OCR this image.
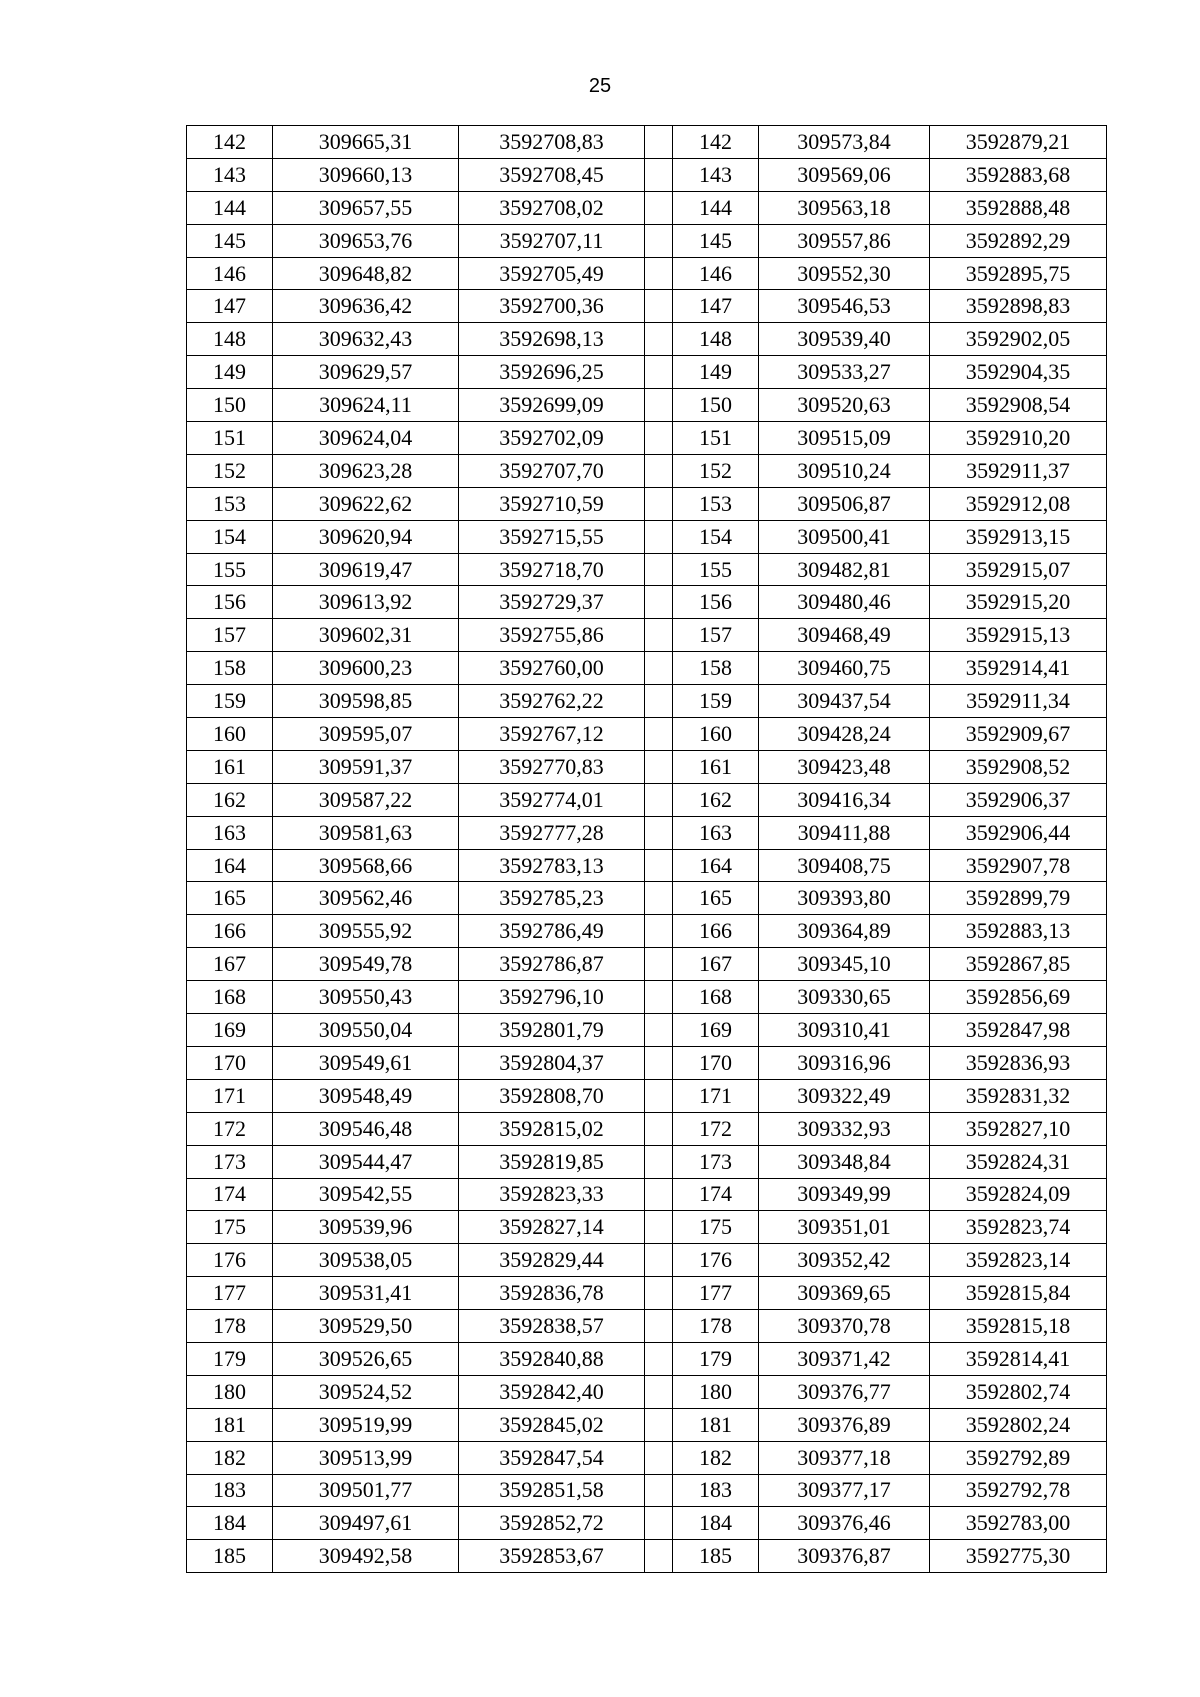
25
142	309665,31	3592708,83		142	309573,84	3592879,21
143	309660,13	3592708,45		143	309569,06	3592883,68
144	309657,55	3592708,02		144	309563,18	3592888,48
145	309653,76	3592707,11		145	309557,86	3592892,29
146	309648,82	3592705,49		146	309552,30	3592895,75
147	309636,42	3592700,36		147	309546,53	3592898,83
148	309632,43	3592698,13		148	309539,40	3592902,05
149	309629,57	3592696,25		149	309533,27	3592904,35
150	309624,11	3592699,09		150	309520,63	3592908,54
151	309624,04	3592702,09		151	309515,09	3592910,20
152	309623,28	3592707,70		152	309510,24	3592911,37
153	309622,62	3592710,59		153	309506,87	3592912,08
154	309620,94	3592715,55		154	309500,41	3592913,15
155	309619,47	3592718,70		155	309482,81	3592915,07
156	309613,92	3592729,37		156	309480,46	3592915,20
157	309602,31	3592755,86		157	309468,49	3592915,13
158	309600,23	3592760,00		158	309460,75	3592914,41
159	309598,85	3592762,22		159	309437,54	3592911,34
160	309595,07	3592767,12		160	309428,24	3592909,67
161	309591,37	3592770,83		161	309423,48	3592908,52
162	309587,22	3592774,01		162	309416,34	3592906,37
163	309581,63	3592777,28		163	309411,88	3592906,44
164	309568,66	3592783,13		164	309408,75	3592907,78
165	309562,46	3592785,23		165	309393,80	3592899,79
166	309555,92	3592786,49		166	309364,89	3592883,13
167	309549,78	3592786,87		167	309345,10	3592867,85
168	309550,43	3592796,10		168	309330,65	3592856,69
169	309550,04	3592801,79		169	309310,41	3592847,98
170	309549,61	3592804,37		170	309316,96	3592836,93
171	309548,49	3592808,70		171	309322,49	3592831,32
172	309546,48	3592815,02		172	309332,93	3592827,10
173	309544,47	3592819,85		173	309348,84	3592824,31
174	309542,55	3592823,33		174	309349,99	3592824,09
175	309539,96	3592827,14		175	309351,01	3592823,74
176	309538,05	3592829,44		176	309352,42	3592823,14
177	309531,41	3592836,78		177	309369,65	3592815,84
178	309529,50	3592838,57		178	309370,78	3592815,18
179	309526,65	3592840,88		179	309371,42	3592814,41
180	309524,52	3592842,40		180	309376,77	3592802,74
181	309519,99	3592845,02		181	309376,89	3592802,24
182	309513,99	3592847,54		182	309377,18	3592792,89
183	309501,77	3592851,58		183	309377,17	3592792,78
184	309497,61	3592852,72		184	309376,46	3592783,00
185	309492,58	3592853,67		185	309376,87	3592775,30
